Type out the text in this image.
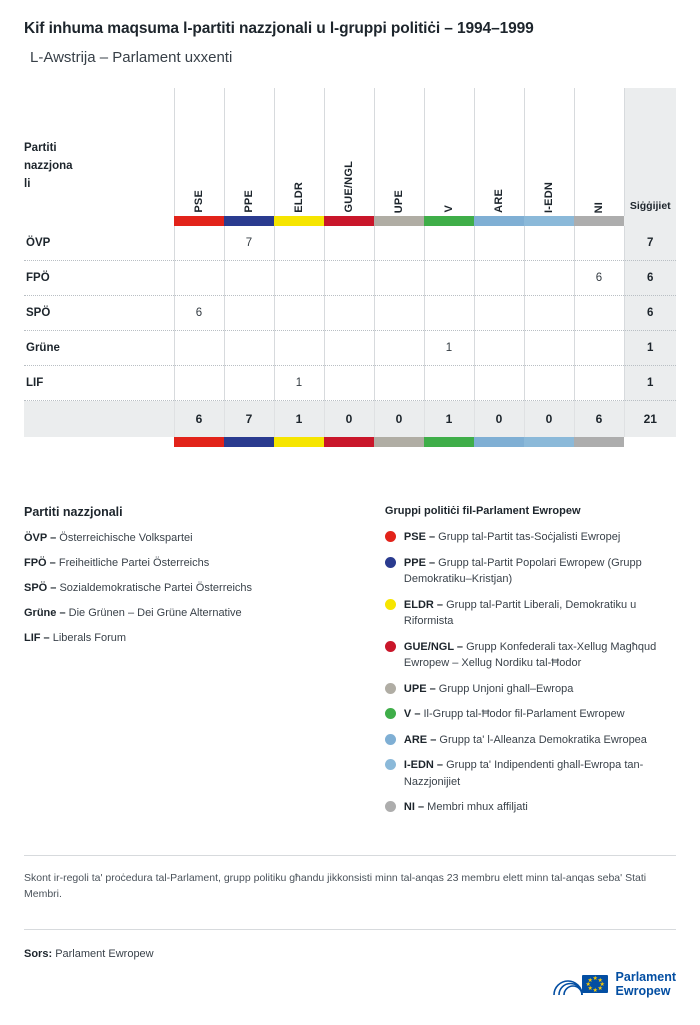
Kif inhuma maqsuma l-partiti nazzjonali u l-gruppi politiċi – 1994–1999
L-Awstrija – Parlament uxxenti
Partiti
nazzjona
li	PSE	PPE	ELDR	GUE/NGL	UPE	V	ARE	I-EDN	NI	Siġġijiet

ÖVP		7								7
FPÖ									6	6
SPÖ	6									6
Grüne						1				1
LIF			1							1
	6	7	1	0	0	1	0	0	6	21

Partiti nazzjonali
ÖVP – Österreichische Volkspartei
FPÖ – Freiheitliche Partei Österreichs
SPÖ – Sozialdemokratische Partei Österreichs
Grüne – Die Grünen – Dei Grüne Alternative
LIF – Liberals Forum
Gruppi politiċi fil-Parlament Ewropew
PSE – Grupp tal-Partit tas-Soċjalisti Ewropej
PPE – Grupp tal-Partit Popolari Ewropew (Grupp Demokratiku–Kristjan)
ELDR – Grupp tal-Partit Liberali, Demokratiku u Riformista
GUE/NGL – Grupp Konfederali tax-Xellug Magħqud Ewropew – Xellug Nordiku tal-Ħodor
UPE – Grupp Unjoni ghall–Ewropa
V – Il-Grupp tal-Ħodor fil-Parlament Ewropew
ARE – Grupp ta' l-Alleanza Demokratika Ewropea
I-EDN – Grupp ta' Indipendenti ghall-Ewropa tan-Nazzjonijiet
NI – Membri mhux affiljati
Skont ir-regoli ta' proċedura tal-Parlament, grupp politiku għandu jikkonsisti minn tal-anqas 23 membru elett minn tal-anqas seba' Stati Membri.
Sors: Parlament Ewropew
★ ★
★
★
★
★
★
★ Parlament
Ewropew
